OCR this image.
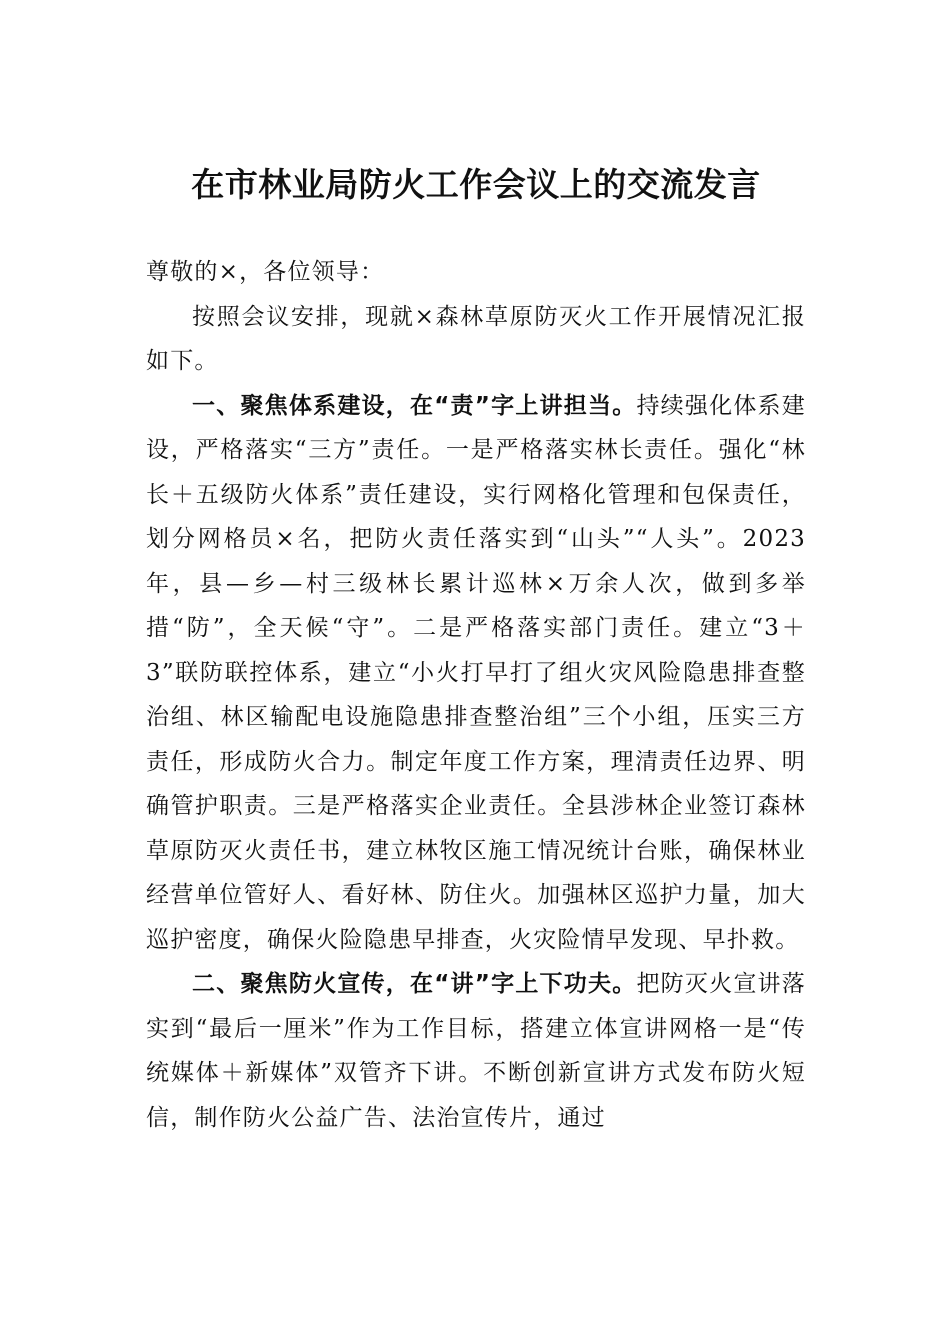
在市林业局防火工作会议上的交流发言

尊敬的×，各位领导：

按照会议安排，现就×森林草原防灭火工作开展情况汇报如下。

一、聚焦体系建设，在“责”字上讲担当。持续强化体系建设，严格落实“三方”责任。一是严格落实林长责任。强化“林长＋五级防火体系”责任建设，实行网格化管理和包保责任，划分网格员×名，把防火责任落实到“山头”“人头”。2023年，县—乡—村三级林长累计巡林×万余人次，做到多举措“防”，全天候“守”。二是严格落实部门责任。建立“3＋3”联防联控体系，建立“小火打早打了组火灾风险隐患排查整治组、林区输配电设施隐患排查整治组”三个小组，压实三方责任，形成防火合力。制定年度工作方案，理清责任边界、明确管护职责。三是严格落实企业责任。全县涉林企业签订森林草原防灭火责任书，建立林牧区施工情况统计台账，确保林业经营单位管好人、看好林、防住火。加强林区巡护力量，加大巡护密度，确保火险隐患早排查，火灾险情早发现、早扑救。

二、聚焦防火宣传，在“讲”字上下功夫。把防灭火宣讲落实到“最后一厘米”作为工作目标，搭建立体宣讲网格一是“传统媒体＋新媒体”双管齐下讲。不断创新宣讲方式发布防火短信，制作防火公益广告、法治宣传片，通过
